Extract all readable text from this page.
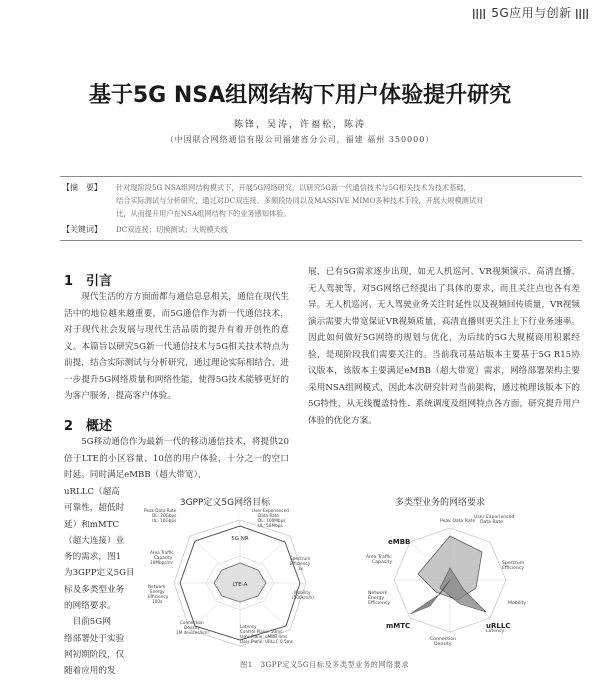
5G应用与创新
基于5G NSA组网结构下用户体验提升研究
陈锋，吴涛，许福松，陈涛
（中国联合网络通信有限公司福建省分公司，福建 福州 350000）
【摘　要】 针对现阶段5G NSA组网结构模式下，开展5G网络研究，以研究5G新一代通信技术与5G相关技术为技术基础，
结合实际测试与分析研究，通过对DC双连接、多频段协同以及MASSIVE MIMO多种技术手段，开展大规模测试对
比，从而提升用户在NSA组网结构下的业务感知体验。
【关键词】 DC双连接；切换测试；大规模天线
1　引言

现代生活的方方面面都与通信息息相关，通信在现代生活中的地位越来越重要，而5G通信作为新一代通信技术，对于现代社会发展与现代生活品质的提升有着开创性的意义。本篇旨以研究5G新一代通信技术与5G相关技术特点为前提，结合实际测试与分析研究，通过理论实际相结合，进一步提升5G网络质量和网络性能，使得5G技术能够更好的为客户服务，提高客户体验。

2　概述

5G移动通信作为最新一代的移动通信技术，将提供20倍于LTE的小区容量、10倍的用户体验，十分之一的空口时延。同时满足eMBB（超大带宽），

uRLLC（超高
可靠性，超低时
延）和mMTC
（超大连接）业
务的需求，图1
为3GPP定义5G目
标及多类型业务
的网络要求。
　目前5G网
络部署处于实验
网初期阶段，仅
随着应用的发

展，已有5G需求逐步出现，如无人机巡河、VR视频演示、高清直播、无人驾驶等，对5G网络已经提出了具体的要求，而且关注点也各有差异。无人机巡河、无人驾驶业务关注时延性以及视频回传质量，VR视频演示需要大带宽保证VR视频质量，高清直播则更关注上下行业务速率。因此如何做好5G网络的规划与优化，为后续的5G大规模商用积累经验，是现阶段我们需要关注的。当前我司基站版本主要基于5G R15协议版本，该版本主要满足eMBB（超大带宽）需求，网络部署架构主要采用NSA组网模式，因此本次研究针对当前架构，通过梳理该版本下的5G特性，从无线覆盖特性、系统调度及组网特点各方面，研究提升用户体验的优化方案。

3GPP定义5G网络目标	多类型业务的网络要求
5G NR
LTE-A
Peak Data Rate DL: 20Gbps UL: 10Gbps
User Experienced Data Rate DL: 100Mbps UL: 50Mbps
Spectrum Efficiency 3x
Mobility (500km/h)
Latency Control Plane: 10ms User Plane: eMBB 4ms User Plane: URLLC 0.5ms
Connection Density 1M devices/km²
Network Energy Efficiency 100x
Area Traffic Capacity 10Mbps/m²
Peak Data Rate
User Experienced Data Rate
Spectrum Efficiency
Mobility
Latency
Connection Density
Network Energy Efficiency
Area Traffic Capacity
eMBB
mMTC	uRLLC
图1　3GPP定义5G目标及多类型业务的网络要求
